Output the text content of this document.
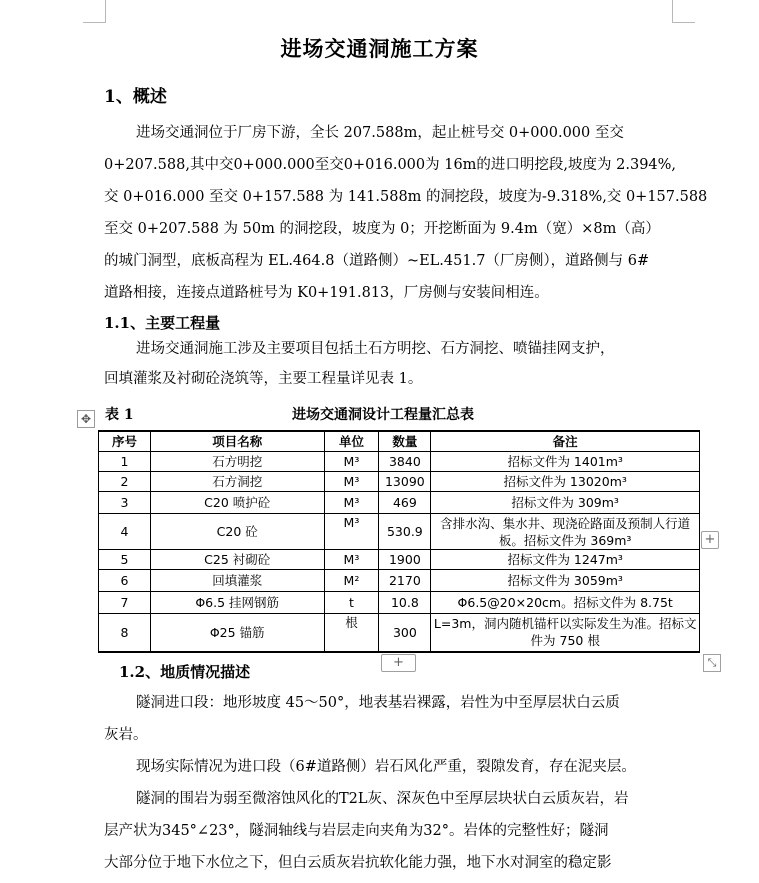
进场交通洞施工方案
1、概述
进场交通洞位于厂房下游，全长 207.588m，起止桩号交 0+000.000 至交
0+207.588,其中交0+000.000至交0+016.000为 16m的进口明挖段,坡度为 2.394%,
交 0+016.000 至交 0+157.588 为 141.588m 的洞挖段，坡度为-9.318%,交 0+157.588
至交 0+207.588 为 50m 的洞挖段，坡度为 0；开挖断面为 9.4m（宽）×8m（高）
的城门洞型，底板高程为 EL.464.8（道路侧）~EL.451.7（厂房侧），道路侧与 6#
道路相接，连接点道路桩号为 K0+191.813，厂房侧与安装间相连。
1.1、主要工程量
进场交通洞施工涉及主要项目包括土石方明挖、石方洞挖、喷锚挂网支护，
回填灌浆及衬砌砼浇筑等，主要工程量详见表 1。
✥ 表 1	进场交通洞设计工程量汇总表
序号	项目名称	单位	数量	备注
1	石方明挖	M³	3840	招标文件为 1401m³
2	石方洞挖	M³	13090	招标文件为 13020m³
3	C20 喷护砼	M³	469	招标文件为 309m³
4	C20 砼	M³	530.9	含排水沟、集水井、现浇砼路面及预制人行道板。招标文件为 369m³
5	C25 衬砌砼	M³	1900	招标文件为 1247m³
6	回填灌浆	M²	2170	招标文件为 3059m³
7	Φ6.5 挂网钢筋	t	10.8	Φ6.5@20×20cm。招标文件为 8.75t
8	Φ25 锚筋	根	300	L=3m，洞内随机锚杆以实际发生为准。招标文件为 750 根
+
+	⤡
1.2、地质情况描述
隧洞进口段：地形坡度 45～50°，地表基岩裸露，岩性为中至厚层状白云质
灰岩。
现场实际情况为进口段（6#道路侧）岩石风化严重，裂隙发育，存在泥夹层。
隧洞的围岩为弱至微溶蚀风化的T2L灰、深灰色中至厚层块状白云质灰岩，岩
层产状为345°∠23°，隧洞轴线与岩层走向夹角为32°。岩体的完整性好；隧洞
大部分位于地下水位之下，但白云质灰岩抗软化能力强，地下水对洞室的稳定影
